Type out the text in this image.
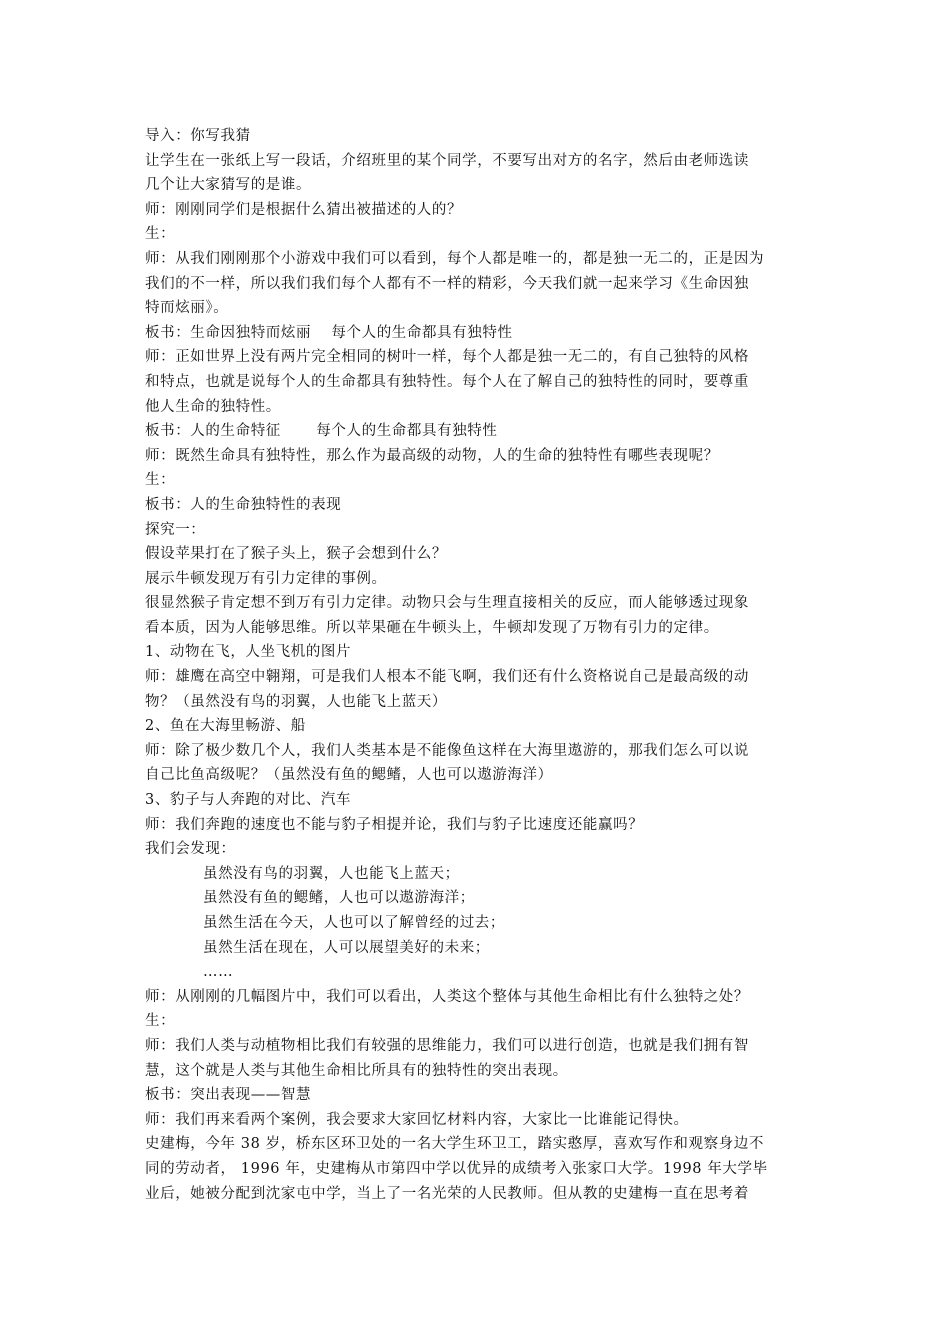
导入：你写我猜
让学生在一张纸上写一段话，介绍班里的某个同学，不要写出对方的名字，然后由老师选读
几个让大家猜写的是谁。
师：刚刚同学们是根据什么猜出被描述的人的？
生：
师：从我们刚刚那个小游戏中我们可以看到，每个人都是唯一的，都是独一无二的，正是因为
我们的不一样，所以我们我们每个人都有不一样的精彩，今天我们就一起来学习《生命因独
特而炫丽》。
板书：生命因独特而炫丽　 每个人的生命都具有独特性
师：正如世界上没有两片完全相同的树叶一样，每个人都是独一无二的，有自己独特的风格
和特点，也就是说每个人的生命都具有独特性。每个人在了解自己的独特性的同时，要尊重
他人生命的独特性。
板书：人的生命特征　　 每个人的生命都具有独特性
师：既然生命具有独特性，那么作为最高级的动物，人的生命的独特性有哪些表现呢？
生：
板书：人的生命独特性的表现
探究一：
假设苹果打在了猴子头上，猴子会想到什么？
展示牛顿发现万有引力定律的事例。
很显然猴子肯定想不到万有引力定律。动物只会与生理直接相关的反应，而人能够透过现象
看本质，因为人能够思维。所以苹果砸在牛顿头上，牛顿却发现了万物有引力的定律。
1、动物在飞，人坐飞机的图片
师：雄鹰在高空中翱翔，可是我们人根本不能飞啊，我们还有什么资格说自己是最高级的动
物？（虽然没有鸟的羽翼，人也能飞上蓝天）
2、鱼在大海里畅游、船
师：除了极少数几个人，我们人类基本是不能像鱼这样在大海里遨游的，那我们怎么可以说
自己比鱼高级呢？（虽然没有鱼的鳃鳍，人也可以遨游海洋）
3、豹子与人奔跑的对比、汽车
师：我们奔跑的速度也不能与豹子相提并论，我们与豹子比速度还能赢吗？
我们会发现：
虽然没有鸟的羽翼，人也能飞上蓝天；
虽然没有鱼的鳃鳍，人也可以遨游海洋；
虽然生活在今天，人也可以了解曾经的过去；
虽然生活在现在，人可以展望美好的未来；
……
师：从刚刚的几幅图片中，我们可以看出，人类这个整体与其他生命相比有什么独特之处？
生：
师：我们人类与动植物相比我们有较强的思维能力，我们可以进行创造，也就是我们拥有智
慧，这个就是人类与其他生命相比所具有的独特性的突出表现。
板书：突出表现——智慧
师：我们再来看两个案例，我会要求大家回忆材料内容，大家比一比谁能记得快。
史建梅，今年 38 岁，桥东区环卫处的一名大学生环卫工，踏实憨厚，喜欢写作和观察身边不
同的劳动者， 1996 年，史建梅从市第四中学以优异的成绩考入张家口大学。1998 年大学毕
业后，她被分配到沈家屯中学，当上了一名光荣的人民教师。但从教的史建梅一直在思考着
